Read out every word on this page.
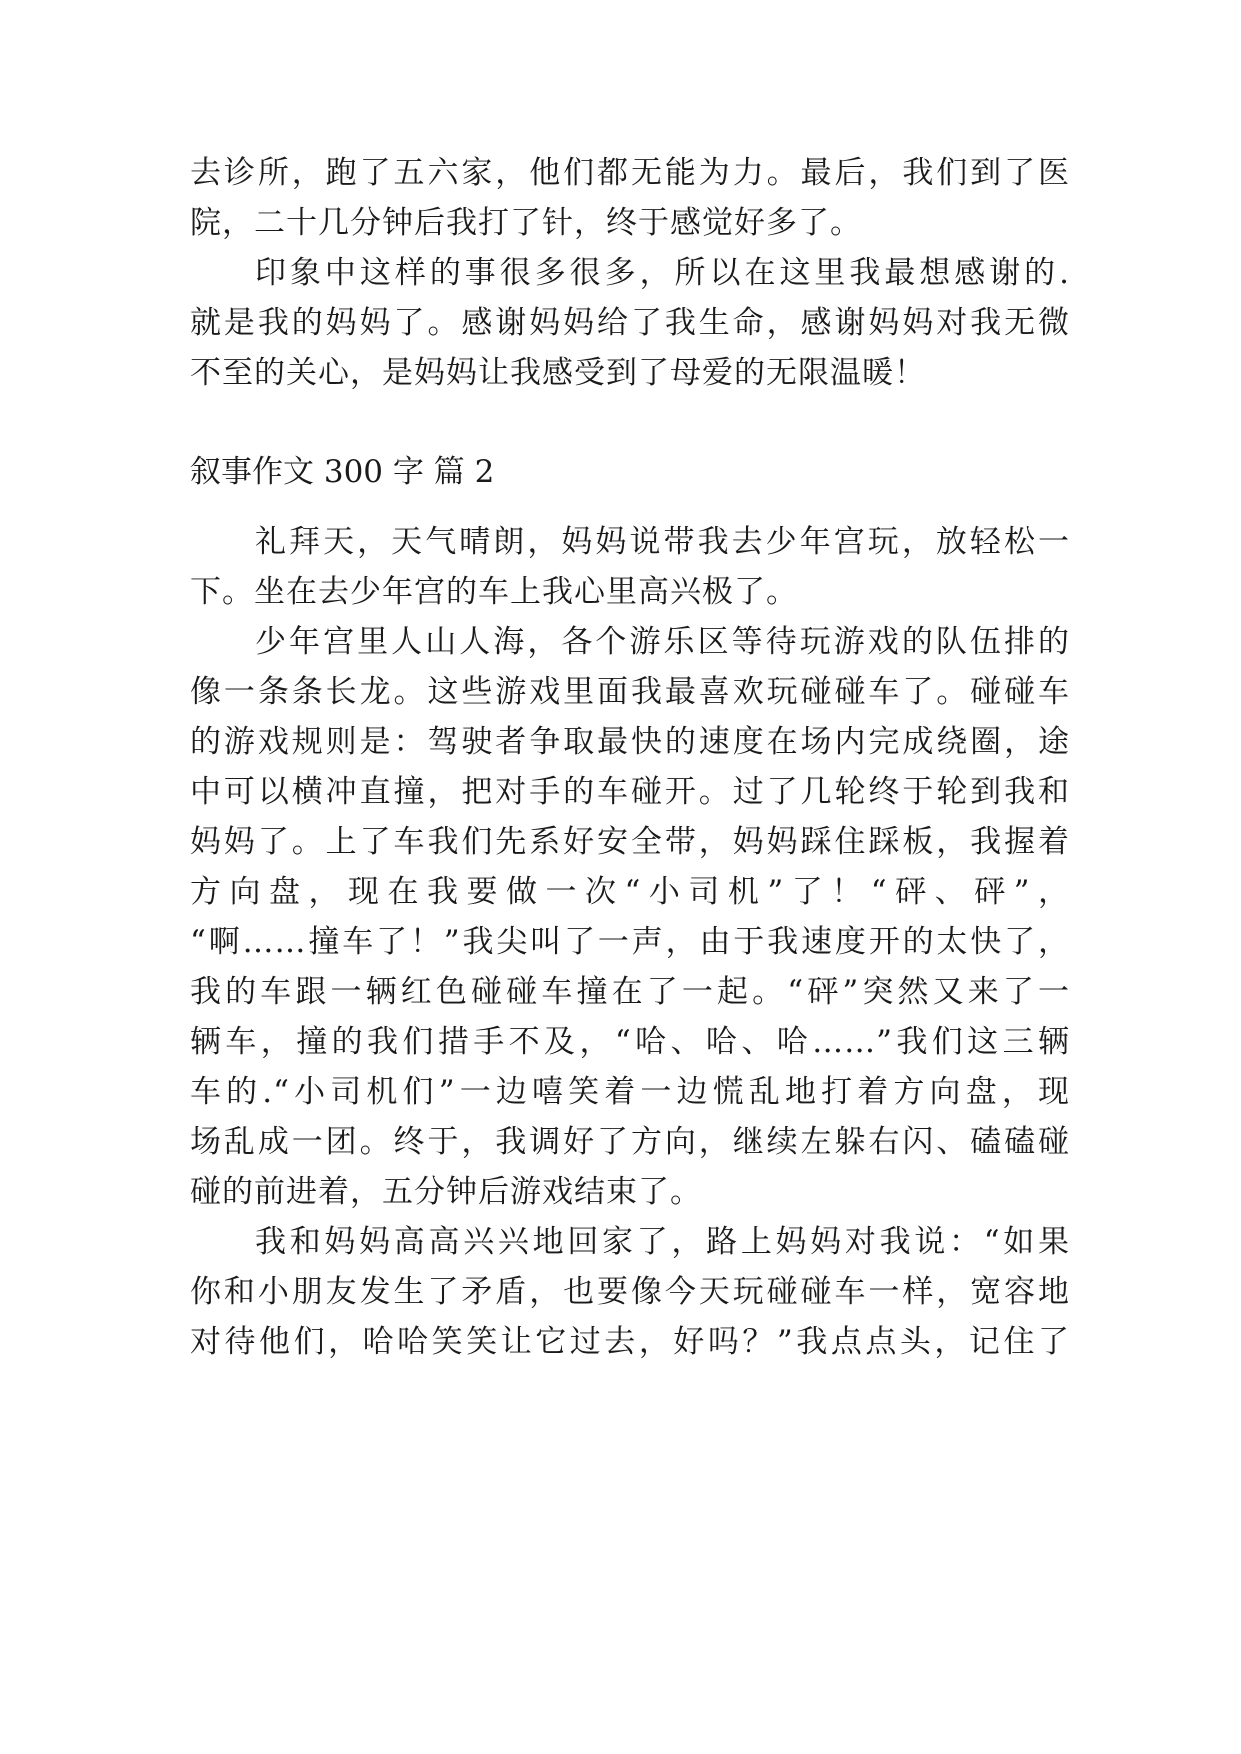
去诊所，跑了五六家，他们都无能为力。最后，我们到了医
院，二十几分钟后我打了针，终于感觉好多了。
印象中这样的事很多很多，所以在这里我最想感谢的.
就是我的妈妈了。感谢妈妈给了我生命，感谢妈妈对我无微
不至的关心，是妈妈让我感受到了母爱的无限温暖！
叙事作文 300 字 篇 2
礼拜天，天气晴朗，妈妈说带我去少年宫玩，放轻松一
下。坐在去少年宫的车上我心里高兴极了。
少年宫里人山人海，各个游乐区等待玩游戏的队伍排的
像一条条长龙。这些游戏里面我最喜欢玩碰碰车了。碰碰车
的游戏规则是：驾驶者争取最快的速度在场内完成绕圈，途
中可以横冲直撞，把对手的车碰开。过了几轮终于轮到我和
妈妈了。上了车我们先系好安全带，妈妈踩住踩板，我握着
方向盘，现在我要做一次“小司机”了！“砰、砰”，
“啊……撞车了！”我尖叫了一声，由于我速度开的太快了，
我的车跟一辆红色碰碰车撞在了一起。“砰”突然又来了一
辆车，撞的我们措手不及，“哈、哈、哈……”我们这三辆
车的.“小司机们”一边嘻笑着一边慌乱地打着方向盘，现
场乱成一团。终于，我调好了方向，继续左躲右闪、磕磕碰
碰的前进着，五分钟后游戏结束了。
我和妈妈高高兴兴地回家了，路上妈妈对我说：“如果
你和小朋友发生了矛盾，也要像今天玩碰碰车一样，宽容地
对待他们，哈哈笑笑让它过去，好吗？”我点点头，记住了
